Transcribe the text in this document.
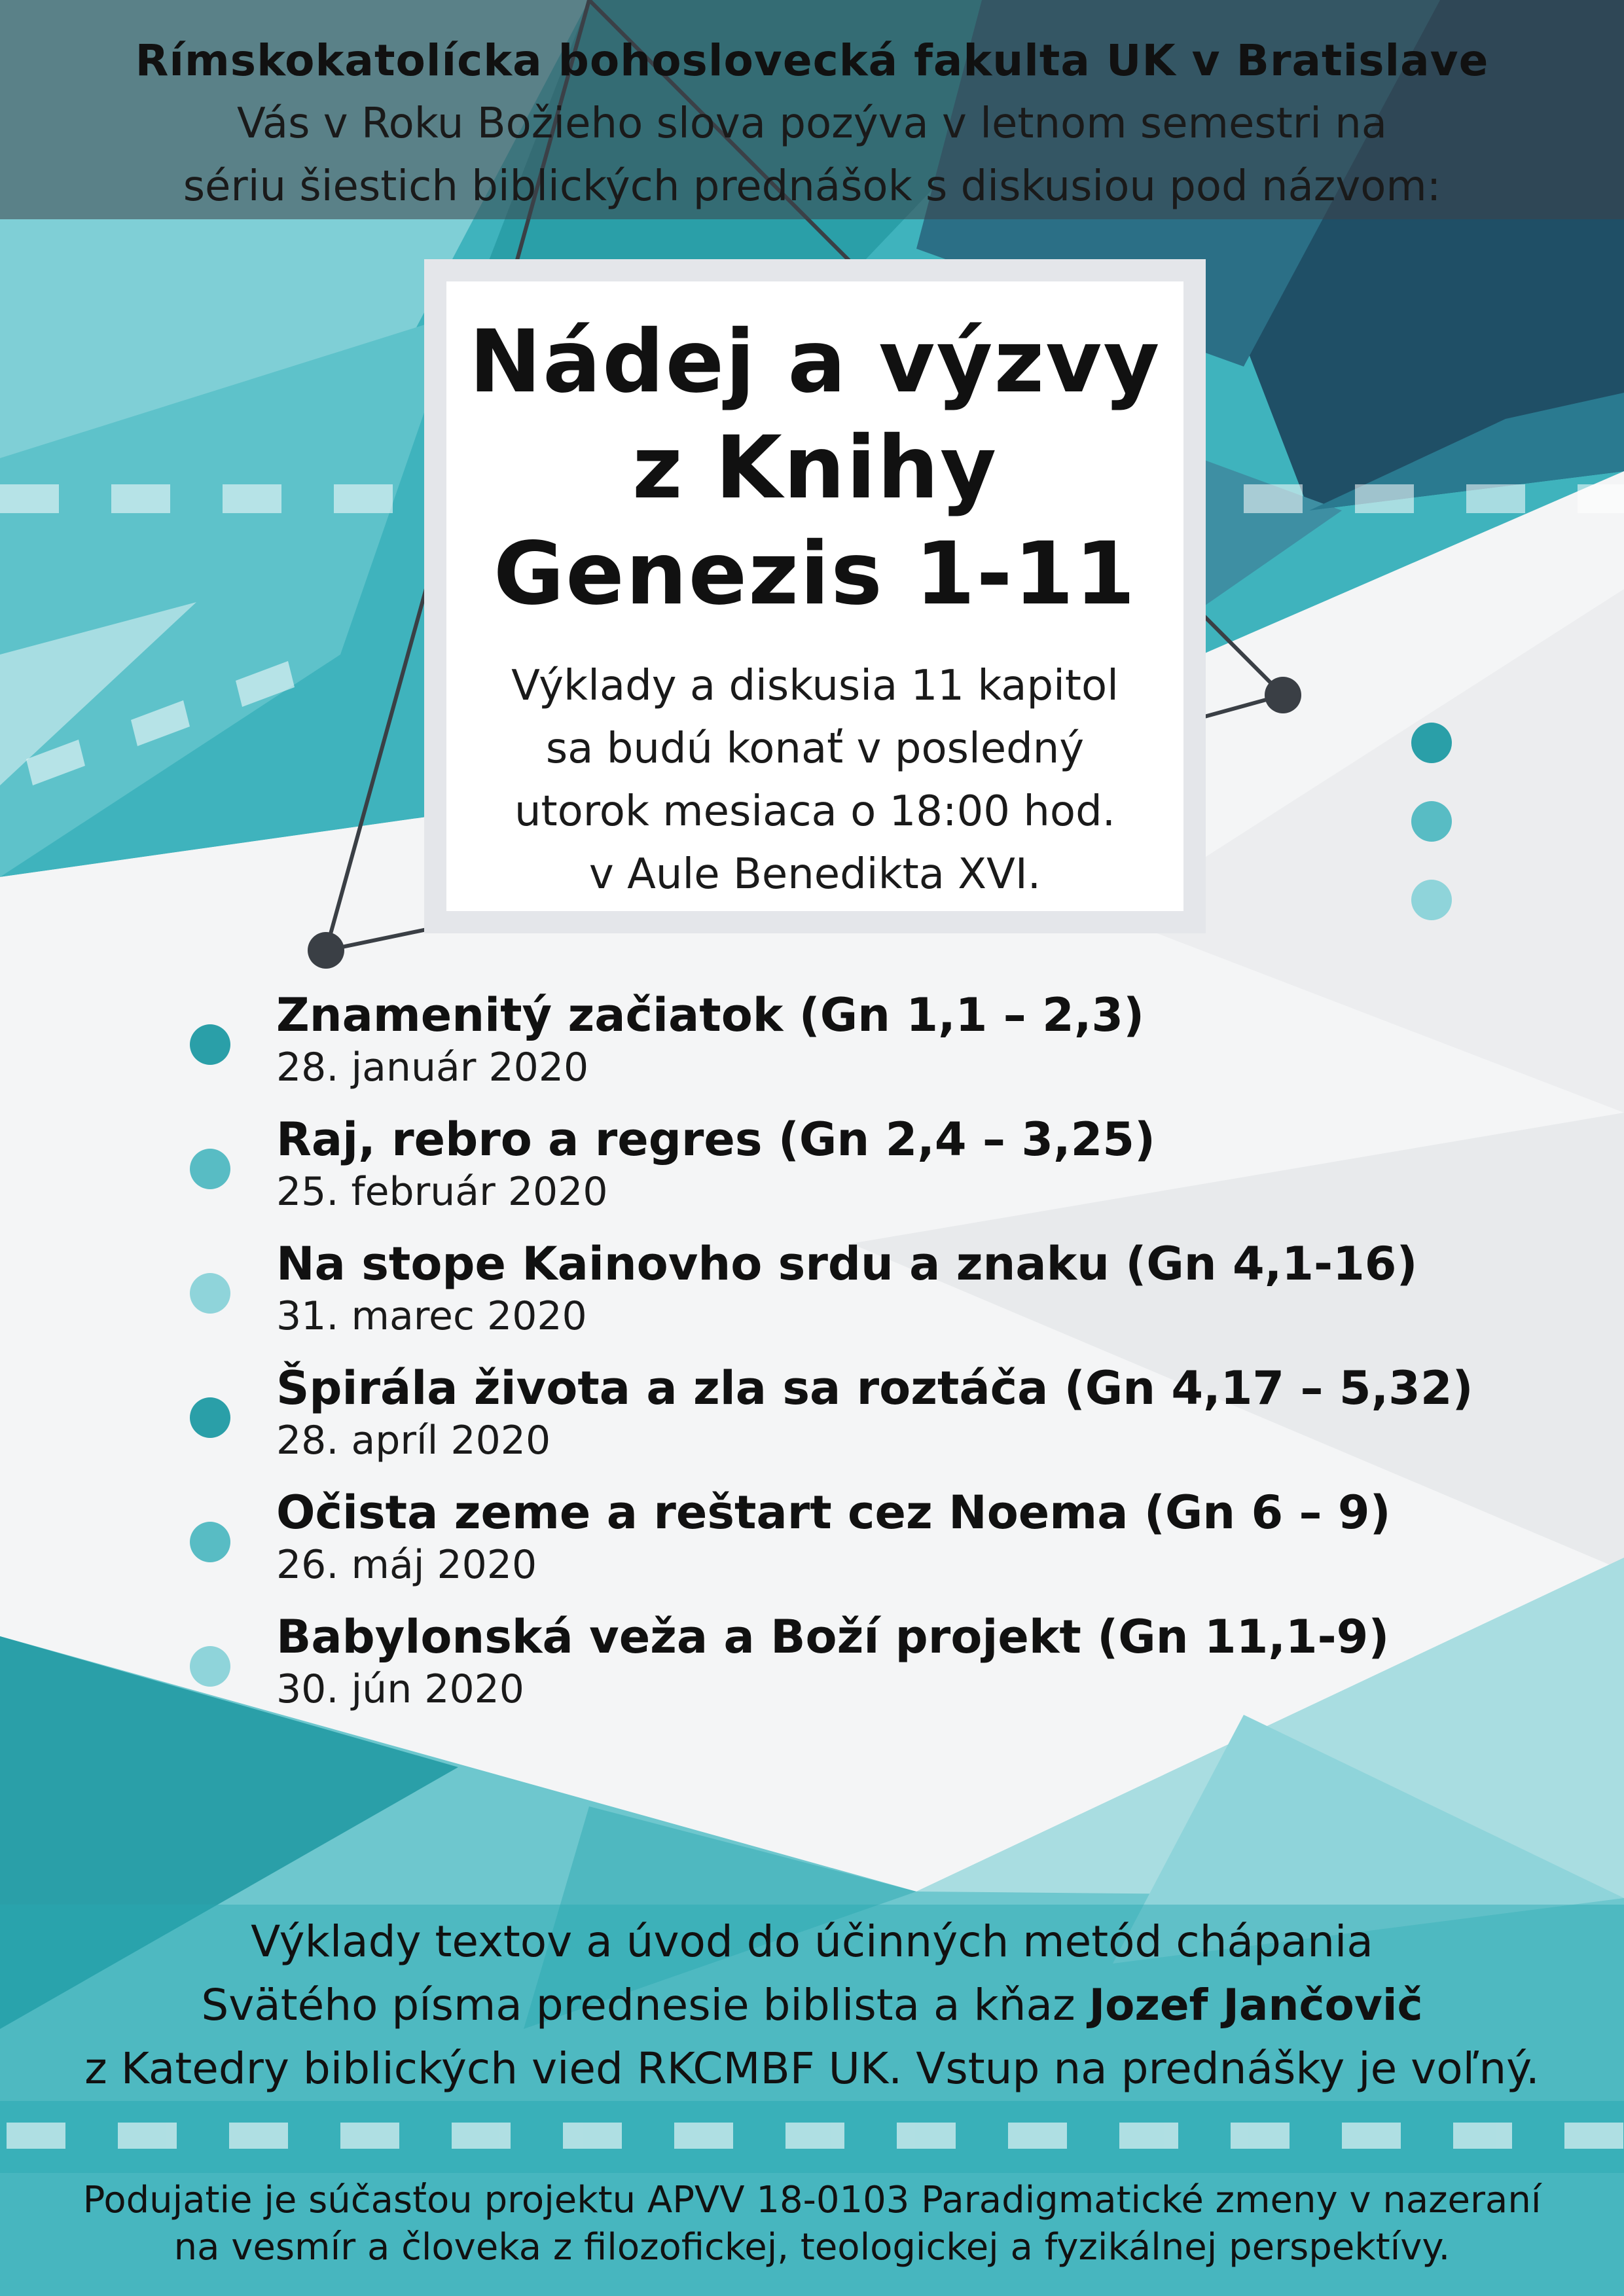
Rímskokatolícka bohoslovecká fakulta UK v Bratislave
Vás v Roku Božieho slova pozýva v letnom semestri na
sériu šiestich biblických prednášok s diskusiou pod názvom:
Nádej a výzvy
z Knihy
Genezis 1-11
Výklady a diskusia 11 kapitol
sa budú konať v posledný
utorok mesiaca o 18:00 hod.
v Aule Benedikta XVI.
Znamenitý začiatok (Gn 1,1 – 2,3)
28. január 2020
Raj, rebro a regres (Gn 2,4 – 3,25)
25. február 2020
Na stope Kainovho srdu a znaku (Gn 4,1-16)
31. marec 2020
Špirála života a zla sa roztáča (Gn 4,17 – 5,32)
28. apríl 2020
Očista zeme a reštart cez Noema (Gn 6 – 9)
26. máj 2020
Babylonská veža a Boží projekt (Gn 11,1-9)
30. jún 2020
Výklady textov a úvod do účinných metód chápania
Svätého písma prednesie biblista a kňaz Jozef Jančovič
z Katedry biblických vied RKCMBF UK. Vstup na prednášky je voľný.
Podujatie je súčasťou projektu APVV 18-0103 Paradigmatické zmeny v nazeraní
na vesmír a človeka z filozofickej, teologickej a fyzikálnej perspektívy.
